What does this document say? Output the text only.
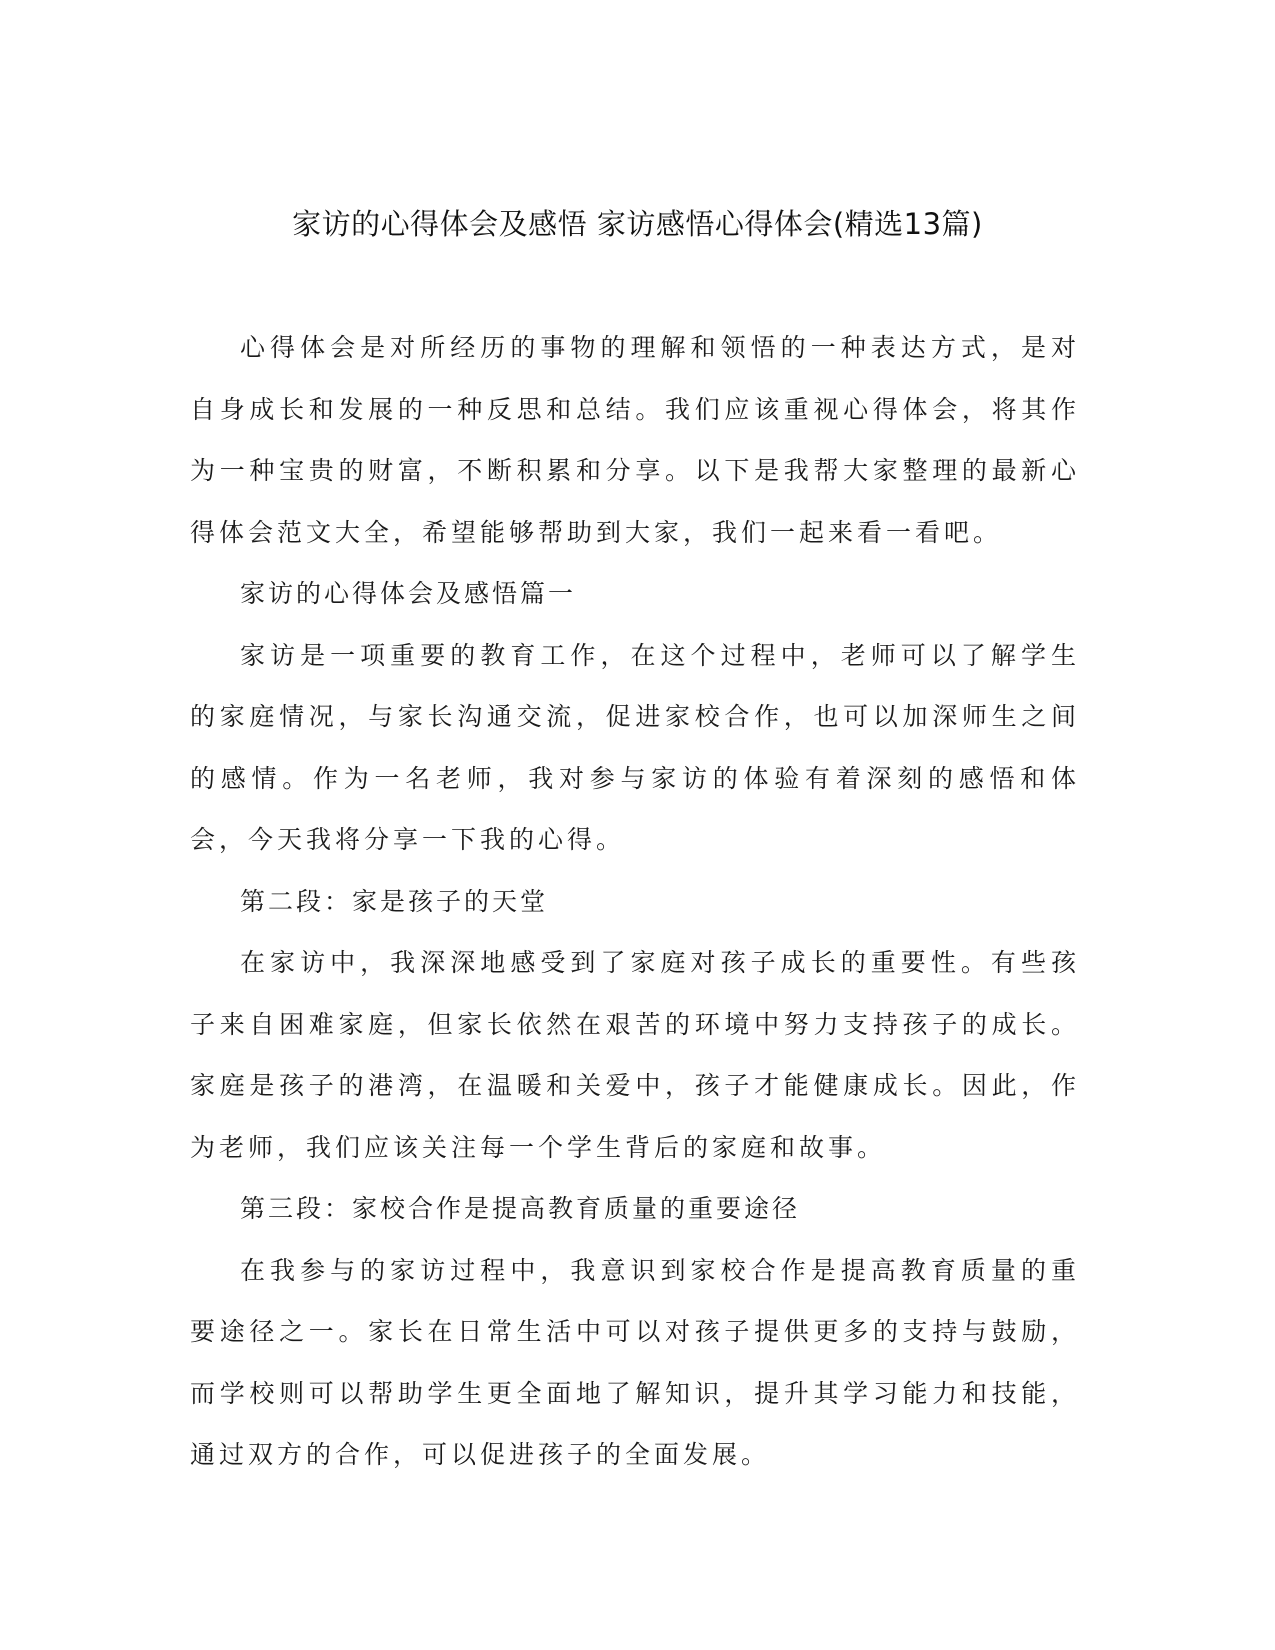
家访的心得体会及感悟 家访感悟心得体会(精选13篇)

心得体会是对所经历的事物的理解和领悟的一种表达方式，是对自身成长和发展的一种反思和总结。我们应该重视心得体会，将其作为一种宝贵的财富，不断积累和分享。以下是我帮大家整理的最新心得体会范文大全，希望能够帮助到大家，我们一起来看一看吧。

家访的心得体会及感悟篇一

家访是一项重要的教育工作，在这个过程中，老师可以了解学生的家庭情况，与家长沟通交流，促进家校合作，也可以加深师生之间的感情。作为一名老师，我对参与家访的体验有着深刻的感悟和体会，今天我将分享一下我的心得。

第二段：家是孩子的天堂

在家访中，我深深地感受到了家庭对孩子成长的重要性。有些孩子来自困难家庭，但家长依然在艰苦的环境中努力支持孩子的成长。家庭是孩子的港湾，在温暖和关爱中，孩子才能健康成长。因此，作为老师，我们应该关注每一个学生背后的家庭和故事。

第三段：家校合作是提高教育质量的重要途径

在我参与的家访过程中，我意识到家校合作是提高教育质量的重要途径之一。家长在日常生活中可以对孩子提供更多的支持与鼓励，而学校则可以帮助学生更全面地了解知识，提升其学习能力和技能，通过双方的合作，可以促进孩子的全面发展。
